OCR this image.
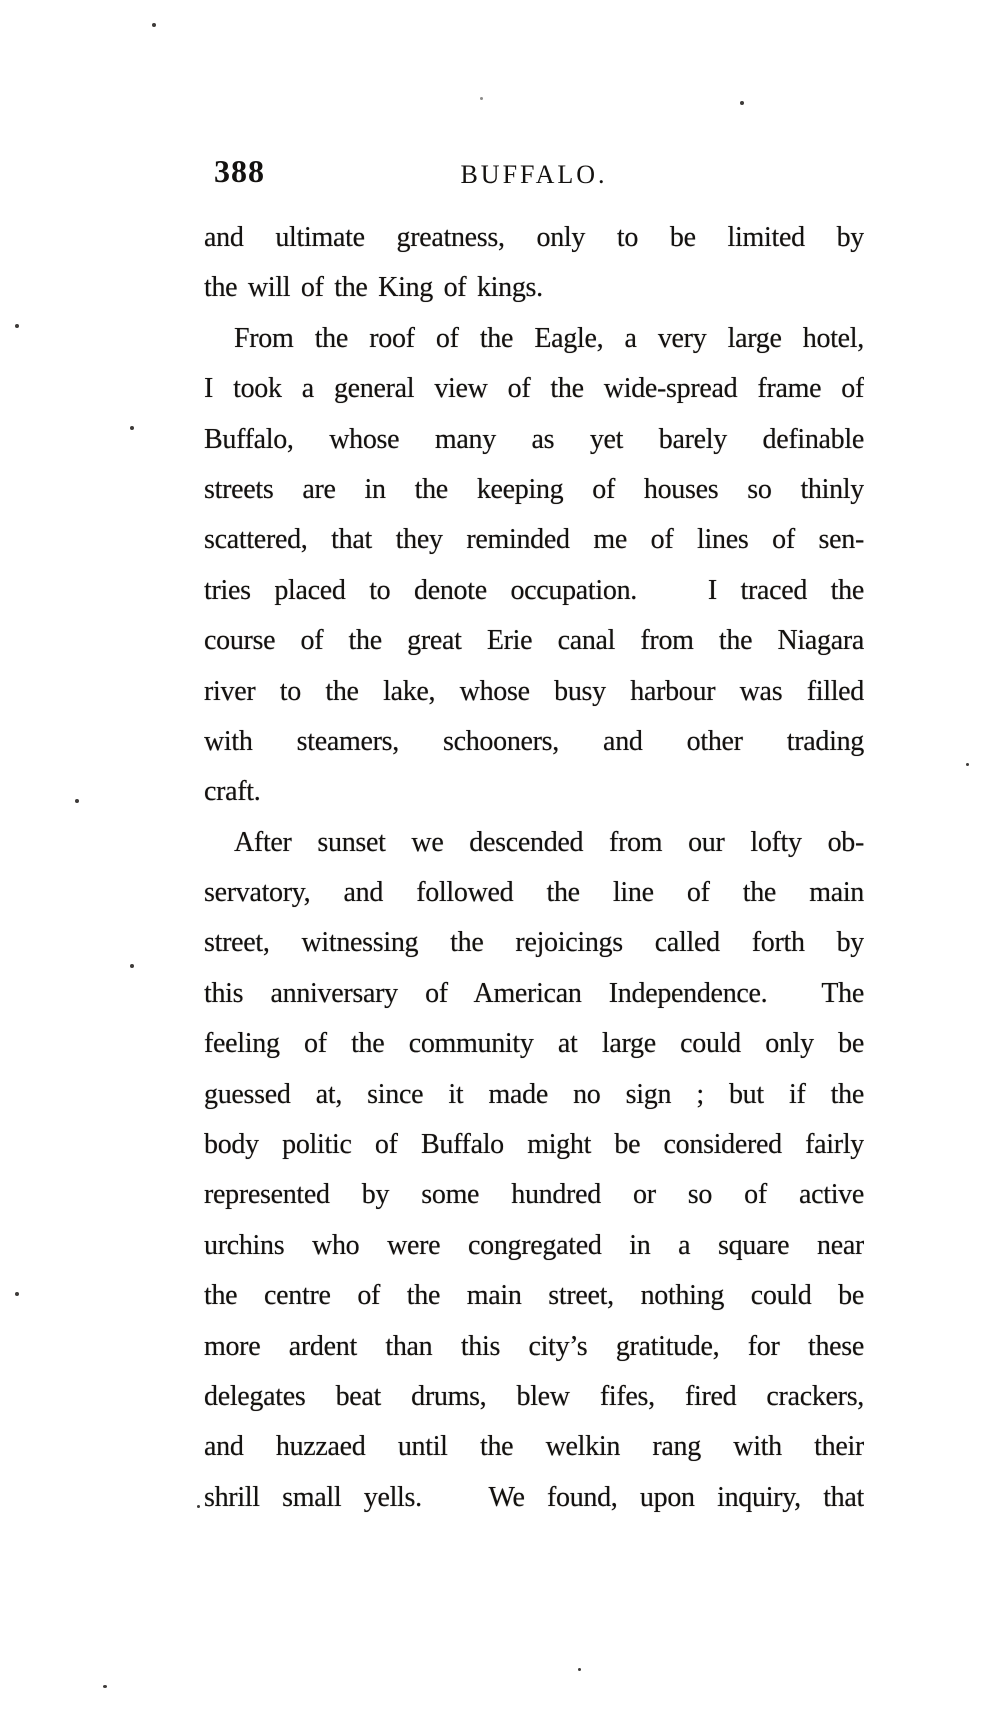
388	BUFFALO.
and ultimate greatness, only to be limited by
the will of the King of kings.
From the roof of the Eagle, a very large hotel,
I took a general view of the wide-spread frame of
Buffalo, whose many as yet barely definable
streets are in the keeping of houses so thinly
scattered, that they reminded me of lines of sen-
tries placed to denote occupation.   I traced the
course of the great Erie canal from the Niagara
river to the lake, whose busy harbour was filled
with steamers, schooners, and other trading
craft.
After sunset we descended from our lofty ob-
servatory, and followed the line of the main
street, witnessing the rejoicings called forth by
this anniversary of American Independence.  The
feeling of the community at large could only be
guessed at, since it made no sign ; but if the
body politic of Buffalo might be considered fairly
represented by some hundred or so of active
urchins who were congregated in a square near
the centre of the main street, nothing could be
more ardent than this city’s gratitude, for these
delegates beat drums, blew fifes, fired crackers,
and huzzaed until the welkin rang with their
shrill small yells.   We found, upon inquiry, that
